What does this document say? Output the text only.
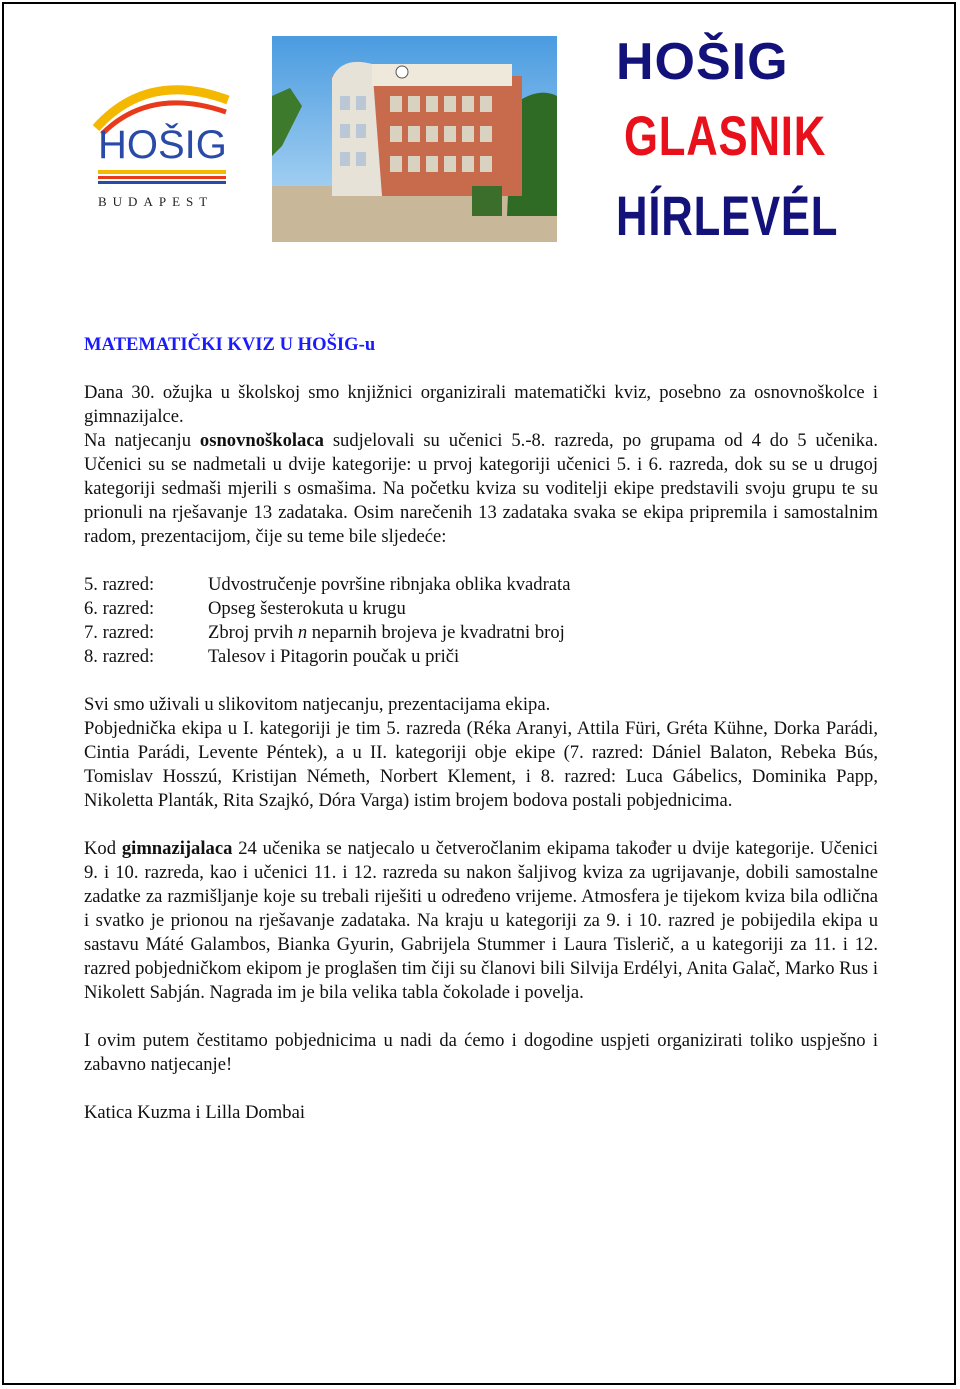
HOŠIG
BUDAPEST
HOŠIG
GLASNIK
HÍRLEVÉL
MATEMATIČKI KVIZ U HOŠIG-u

Dana 30. ožujka u školskoj smo knjižnici organizirali matematički kviz, posebno za osnovnoškolce i gimnazijalce.
Na natjecanju osnovnoškolaca sudjelovali su učenici 5.-8. razreda, po grupama od 4 do 5 učenika. Učenici su se nadmetali u dvije kategorije: u prvoj kategoriji učenici 5. i 6. razreda, dok su se u drugoj kategoriji sedmaši mjerili s osmašima. Na početku kviza su voditelji ekipe predstavili svoju grupu te su prionuli na rješavanje 13 zadataka. Osim narečenih 13 zadataka svaka se ekipa pripremila i samostalnim radom, prezentacijom, čije su teme bile sljedeće:

5. razred:	Udvostručenje površine ribnjaka oblika kvadrata
6. razred:	Opseg šesterokuta u krugu
7. razred:	Zbroj prvih n neparnih brojeva je kvadratni broj
8. razred:	Talesov i Pitagorin poučak u priči

Svi smo uživali u slikovitom natjecanju, prezentacijama ekipa.

Pobjednička ekipa u I. kategoriji je tim 5. razreda (Réka Aranyi, Attila Füri, Gréta Kühne, Dorka Parádi, Cintia Parádi, Levente Péntek), a u II. kategoriji obje ekipe (7. razred: Dániel Balaton, Rebeka Bús, Tomislav Hosszú, Kristijan Németh, Norbert Klement, i 8. razred: Luca Gábelics, Dominika Papp, Nikoletta Planták, Rita Szajkó, Dóra Varga) istim brojem bodova postali pobjednicima.

Kod gimnazijalaca 24 učenika se natjecalo u četveročlanim ekipama također u dvije kategorije. Učenici 9. i 10. razreda, kao i učenici 11. i 12. razreda su nakon šaljivog kviza za ugrijavanje, dobili samostalne zadatke za razmišljanje koje su trebali riješiti u određeno vrijeme. Atmosfera je tijekom kviza bila odlična i svatko je prionou na rješavanje zadataka. Na kraju u kategoriji za 9. i 10. razred je pobijedila ekipa u sastavu Máté Galambos, Bianka Gyurin, Gabrijela Stummer i Laura Tislerič, a u kategoriji za 11. i 12. razred pobjedničkom ekipom je proglašen tim čiji su članovi bili Silvija Erdélyi, Anita Galač, Marko Rus i Nikolett Sabján. Nagrada im je bila velika tabla čokolade i povelja.

I ovim putem čestitamo pobjednicima u nadi da ćemo i dogodine uspjeti organizirati toliko uspješno i zabavno natjecanje!

Katica Kuzma i Lilla Dombai
